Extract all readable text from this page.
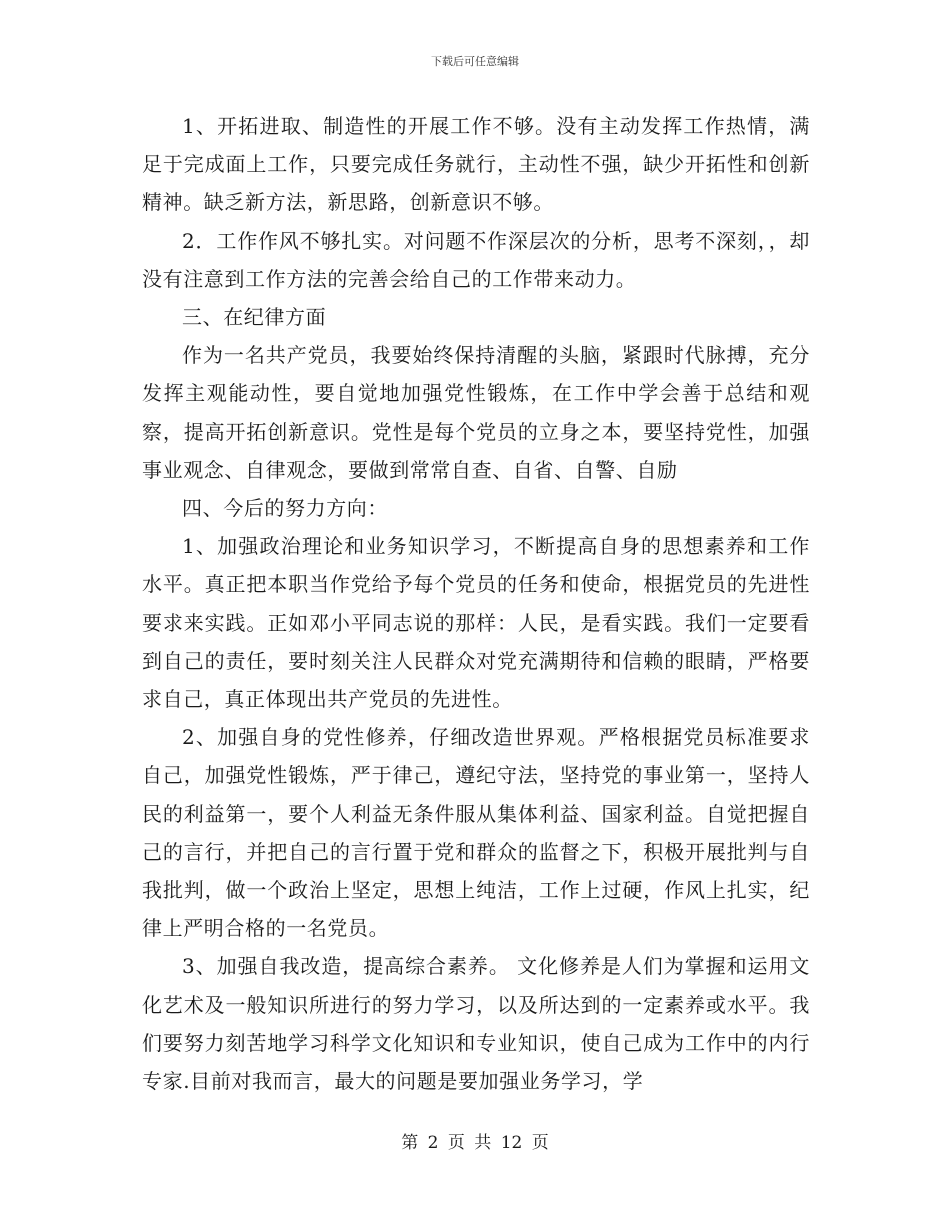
下载后可任意编辑

1、开拓进取、制造性的开展工作不够。没有主动发挥工作热情，满足于完成面上工作，只要完成任务就行，主动性不强，缺少开拓性和创新精神。缺乏新方法，新思路，创新意识不够。

2．工作作风不够扎实。对问题不作深层次的分析，思考不深刻，，却没有注意到工作方法的完善会给自己的工作带来动力。

三、在纪律方面

作为一名共产党员，我要始终保持清醒的头脑，紧跟时代脉搏，充分发挥主观能动性，要自觉地加强党性锻炼，在工作中学会善于总结和观察，提高开拓创新意识。党性是每个党员的立身之本，要坚持党性，加强事业观念、自律观念，要做到常常自查、自省、自警、自励

四、今后的努力方向：

1、加强政治理论和业务知识学习，不断提高自身的思想素养和工作水平。真正把本职当作党给予每个党员的任务和使命，根据党员的先进性要求来实践。正如邓小平同志说的那样：人民，是看实践。我们一定要看到自己的责任，要时刻关注人民群众对党充满期待和信赖的眼睛，严格要求自己，真正体现出共产党员的先进性。

2、加强自身的党性修养，仔细改造世界观。严格根据党员标准要求自己，加强党性锻炼，严于律己，遵纪守法，坚持党的事业第一，坚持人民的利益第一，要个人利益无条件服从集体利益、国家利益。自觉把握自己的言行，并把自己的言行置于党和群众的监督之下，积极开展批判与自我批判，做一个政治上坚定，思想上纯洁，工作上过硬，作风上扎实，纪律上严明合格的一名党员。

3、加强自我改造，提高综合素养。 文化修养是人们为掌握和运用文化艺术及一般知识所进行的努力学习，以及所达到的一定素养或水平。我们要努力刻苦地学习科学文化知识和专业知识，使自己成为工作中的内行专家.目前对我而言，最大的问题是要加强业务学习，学

第 2 页 共 12 页
